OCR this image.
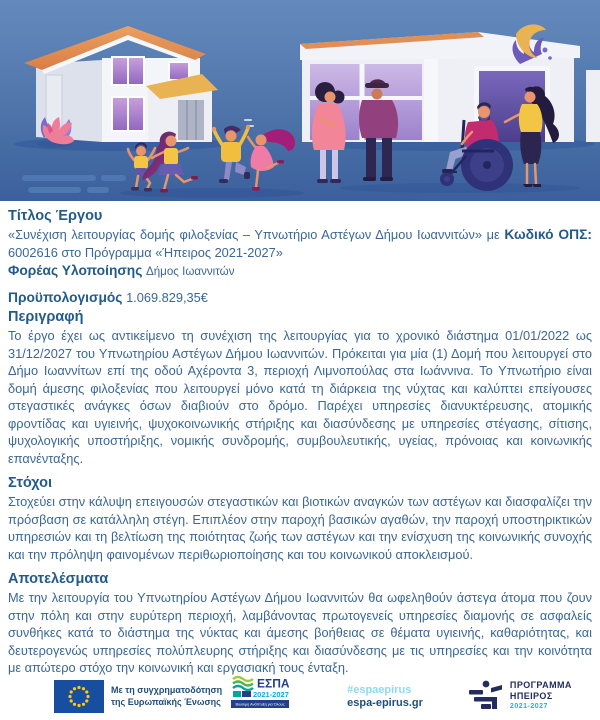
Τίτλος Έργου

«Συνέχιση λειτουργίας δομής φιλοξενίας – Υπνωτήριο Αστέγων Δήμου Ιωαννιτών» με Κωδικό ΟΠΣ: 6002616 στο Πρόγραμμα «Ήπειρος 2021-2027»

Φορέας Υλοποίησης Δήμος Ιωαννιτών

Προϋπολογισμός 1.069.829,35€

Περιγραφή

Το έργο έχει ως αντικείμενο τη συνέχιση της λειτουργίας για το χρονικό διάστημα 01/01/2022 ως 31/12/2027 του Υπνωτηρίου Αστέγων Δήμου Ιωαννιτών. Πρόκειται για μία (1) Δομή που λειτουργεί στο Δήμο Ιωαννίτων επί της οδού Αχέροντα 3, περιοχή Λιμνοπούλας στα Ιωάννινα. Το Υπνωτήριο είναι δομή άμεσης φιλοξενίας που λειτουργεί μόνο κατά τη διάρκεια της νύχτας και καλύπτει επείγουσες στεγαστικές ανάγκες όσων διαβιούν στο δρόμο. Παρέχει υπηρεσίες διανυκτέρευσης, ατομικής φροντίδας και υγιεινής, ψυχοκοινωνικής στήριξης και διασύνδεσης με υπηρεσίες στέγασης, σίτισης, ψυχολογικής υποστήριξης, νομικής συνδρομής, συμβουλευτικής, υγείας, πρόνοιας και κοινωνικής επανένταξης.

Στόχοι

Στοχεύει στην κάλυψη επειγουσών στεγαστικών και βιοτικών αναγκών των αστέγων και διασφαλίζει την πρόσβαση σε κατάλληλη στέγη. Επιπλέον στην παροχή βασικών αγαθών, την παροχή υποστηρικτικών υπηρεσιών και τη βελτίωση της ποιότητας ζωής των αστέγων και την ενίσχυση της κοινωνικής συνοχής και την πρόληψη φαινομένων περιθωριοποίησης και του κοινωνικού αποκλεισμού.

Αποτελέσματα

Με την λειτουργία του Υπνωτηρίου Αστέγων Δήμου Ιωαννιτών θα ωφεληθούν άστεγα άτομα που ζουν στην πόλη και στην ευρύτερη περιοχή, λαμβάνοντας πρωτογενείς υπηρεσίες διαμονής σε ασφαλείς συνθήκες κατά το διάστημα της νύκτας και άμεσης βοήθειας σε θέματα υγιεινής, καθαριότητας, και δευτερογενώς υπηρεσίες πολύπλευρης στήριξης και διασύνδεσης με τις υπηρεσίες και την κοινότητα με απώτερο στόχο την κοινωνική και εργασιακή τους ένταξη.

Με τη συγχρηματοδότηση
της Ευρωπαϊκής Ένωσης
ΕΣΠΑ
2021-2027
Βιώσιμη Ανάπτυξη για Όλους
#espaepirus
espa-epirus.gr
ΠΡΟΓΡΑΜΜΑ
ΗΠΕΙΡΟΣ
2021-2027
